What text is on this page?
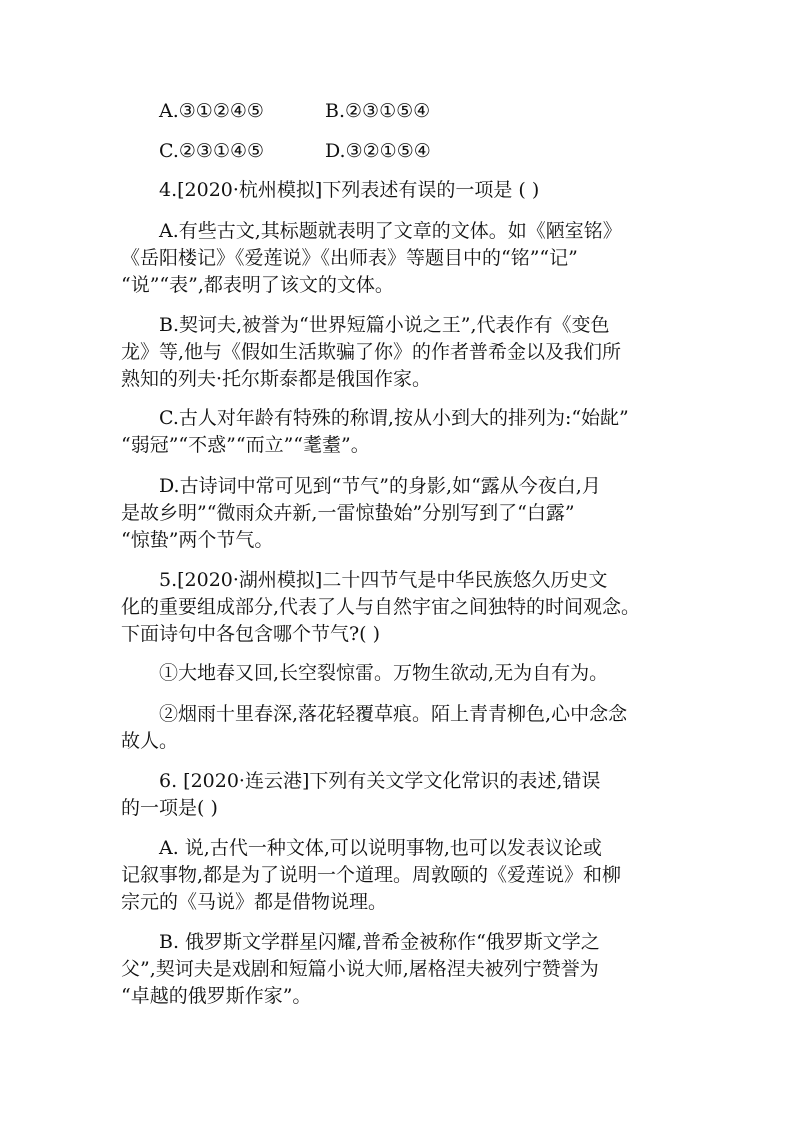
A.③①②④⑤	B.②③①⑤④
C.②③①④⑤	D.③②①⑤④
4.[2020·杭州模拟]下列表述有误的一项是 ( )
A.有些古文,其标题就表明了文章的文体。如《陋室铭》
《岳阳楼记》《爱莲说》《出师表》等题目中的“铭”“记”
“说”“表”,都表明了该文的文体。
B.契诃夫,被誉为“世界短篇小说之王”,代表作有《变色
龙》等,他与《假如生活欺骗了你》的作者普希金以及我们所
熟知的列夫·托尔斯泰都是俄国作家。
C.古人对年龄有特殊的称谓,按从小到大的排列为:“始龀”
“弱冠”“不惑”“而立”“耄耋”。
D.古诗词中常可见到“节气”的身影,如“露从今夜白,月
是故乡明”“微雨众卉新,一雷惊蛰始”分别写到了“白露”
“惊蛰”两个节气。
5.[2020·湖州模拟]二十四节气是中华民族悠久历史文
化的重要组成部分,代表了人与自然宇宙之间独特的时间观念。
下面诗句中各包含哪个节气?( )
①大地春又回,长空裂惊雷。万物生欲动,无为自有为。
②烟雨十里春深,落花轻覆草痕。陌上青青柳色,心中念念
故人。
6. [2020·连云港]下列有关文学文化常识的表述,错误
的一项是( )
A. 说,古代一种文体,可以说明事物,也可以发表议论或
记叙事物,都是为了说明一个道理。周敦颐的《爱莲说》和柳
宗元的《马说》都是借物说理。
B. 俄罗斯文学群星闪耀,普希金被称作“俄罗斯文学之
父”,契诃夫是戏剧和短篇小说大师,屠格涅夫被列宁赞誉为
“卓越的俄罗斯作家”。
